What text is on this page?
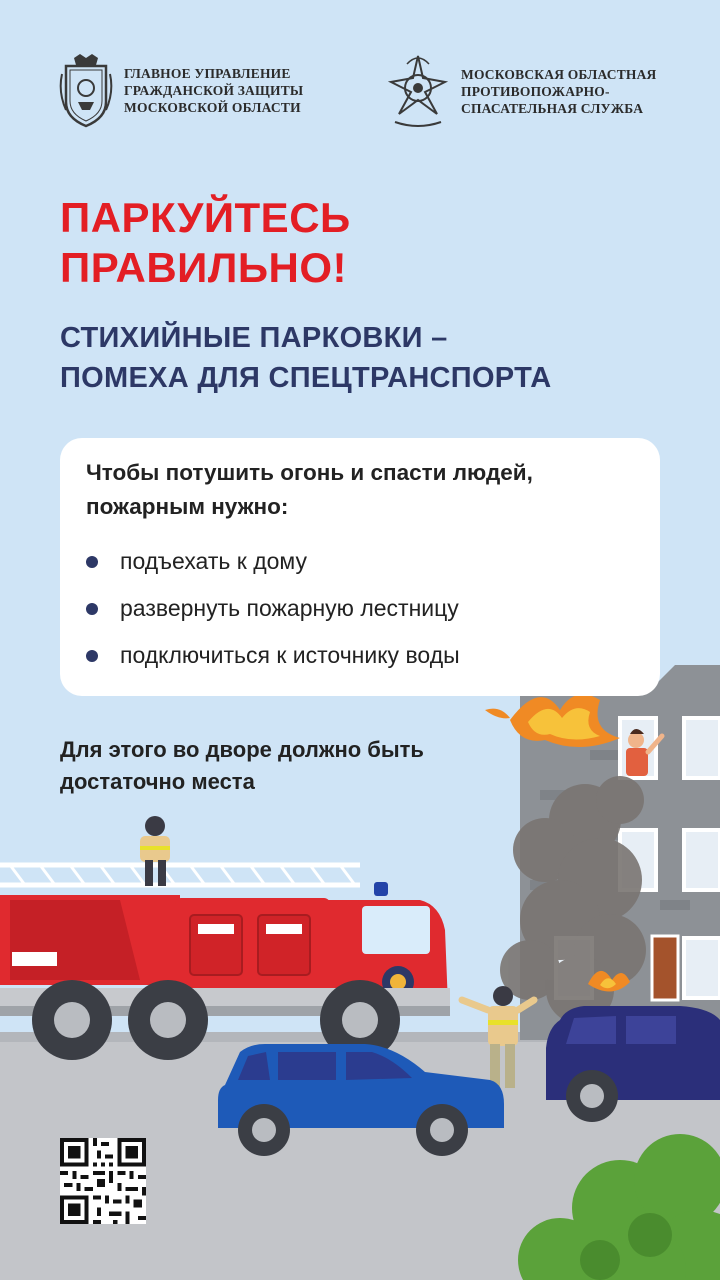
ГЛАВНОЕ УПРАВЛЕНИЕ
ГРАЖДАНСКОЙ ЗАЩИТЫ
МОСКОВСКОЙ ОБЛАСТИ
МОСКОВСКАЯ ОБЛАСТНАЯ
ПРОТИВОПОЖАРНО-
СПАСАТЕЛЬНАЯ СЛУЖБА
ПАРКУЙТЕСЬ
ПРАВИЛЬНО!
СТИХИЙНЫЕ ПАРКОВКИ –
ПОМЕХА ДЛЯ СПЕЦТРАНСПОРТА
Чтобы потушить огонь и спасти людей,
пожарным нужно:
подъехать к дому
развернуть пожарную лестницу
подключиться к источнику воды
Для этого во дворе должно быть
достаточно места
